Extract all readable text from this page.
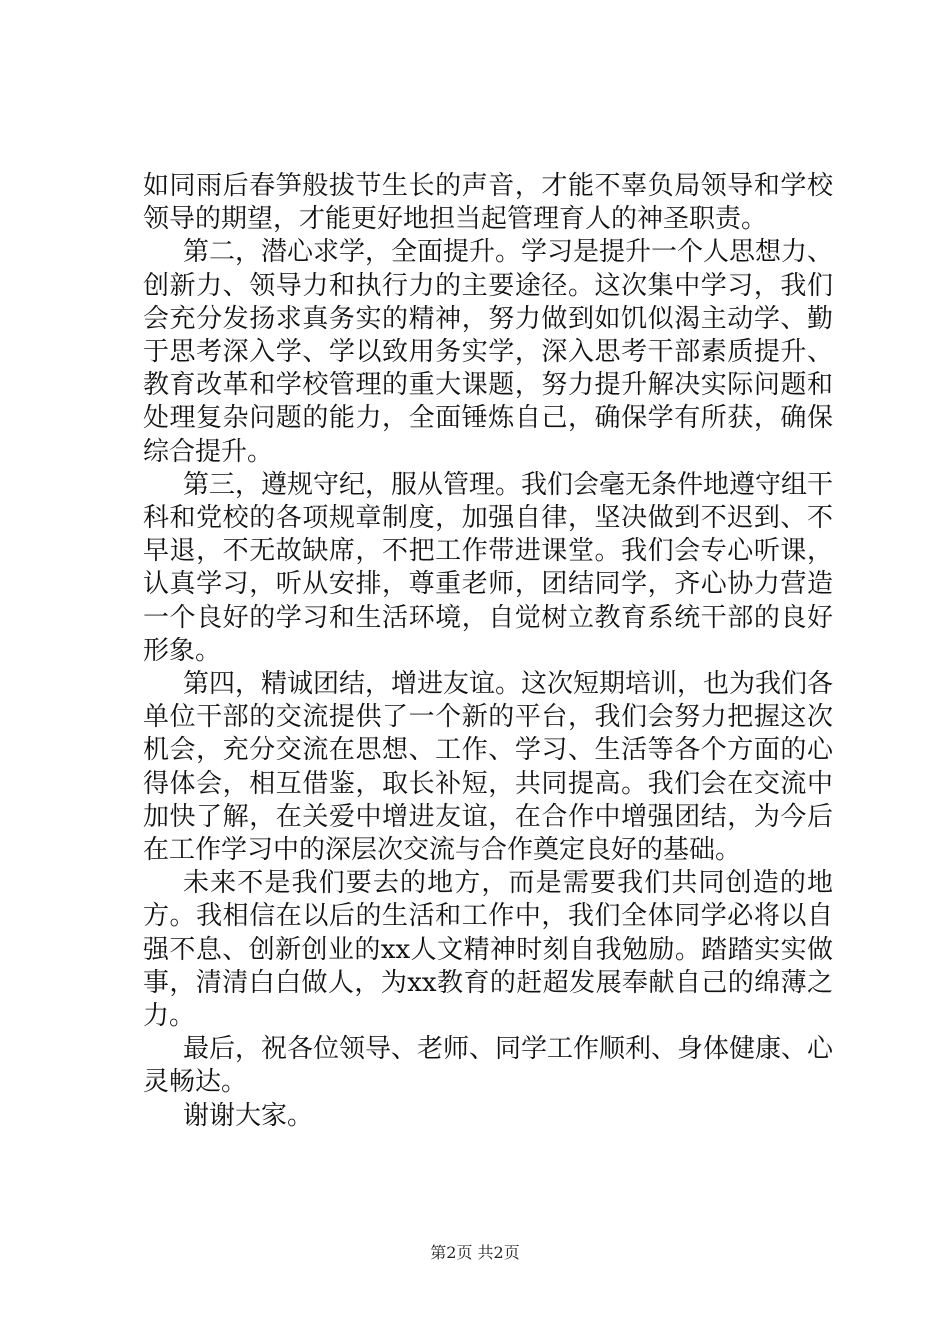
如同雨后春笋般拔节生长的声音，才能不辜负局领导和学校领导的期望，才能更好地担当起管理育人的神圣职责。

第二，潜心求学，全面提升。学习是提升一个人思想力、创新力、领导力和执行力的主要途径。这次集中学习，我们会充分发扬求真务实的精神，努力做到如饥似渴主动学、勤于思考深入学、学以致用务实学，深入思考干部素质提升、教育改革和学校管理的重大课题，努力提升解决实际问题和处理复杂问题的能力，全面锤炼自己，确保学有所获，确保综合提升。

第三，遵规守纪，服从管理。我们会毫无条件地遵守组干科和党校的各项规章制度，加强自律，坚决做到不迟到、不早退，不无故缺席，不把工作带进课堂。我们会专心听课，认真学习，听从安排，尊重老师，团结同学，齐心协力营造一个良好的学习和生活环境，自觉树立教育系统干部的良好形象。

第四，精诚团结，增进友谊。这次短期培训，也为我们各单位干部的交流提供了一个新的平台，我们会努力把握这次机会，充分交流在思想、工作、学习、生活等各个方面的心得体会，相互借鉴，取长补短，共同提高。我们会在交流中加快了解，在关爱中增进友谊，在合作中增强团结，为今后在工作学习中的深层次交流与合作奠定良好的基础。

未来不是我们要去的地方，而是需要我们共同创造的地方。我相信在以后的生活和工作中，我们全体同学必将以自强不息、创新创业的xx人文精神时刻自我勉励。踏踏实实做事，清清白白做人，为xx教育的赶超发展奉献自己的绵薄之力。

最后，祝各位领导、老师、同学工作顺利、身体健康、心灵畅达。

谢谢大家。

第2页 共2页
